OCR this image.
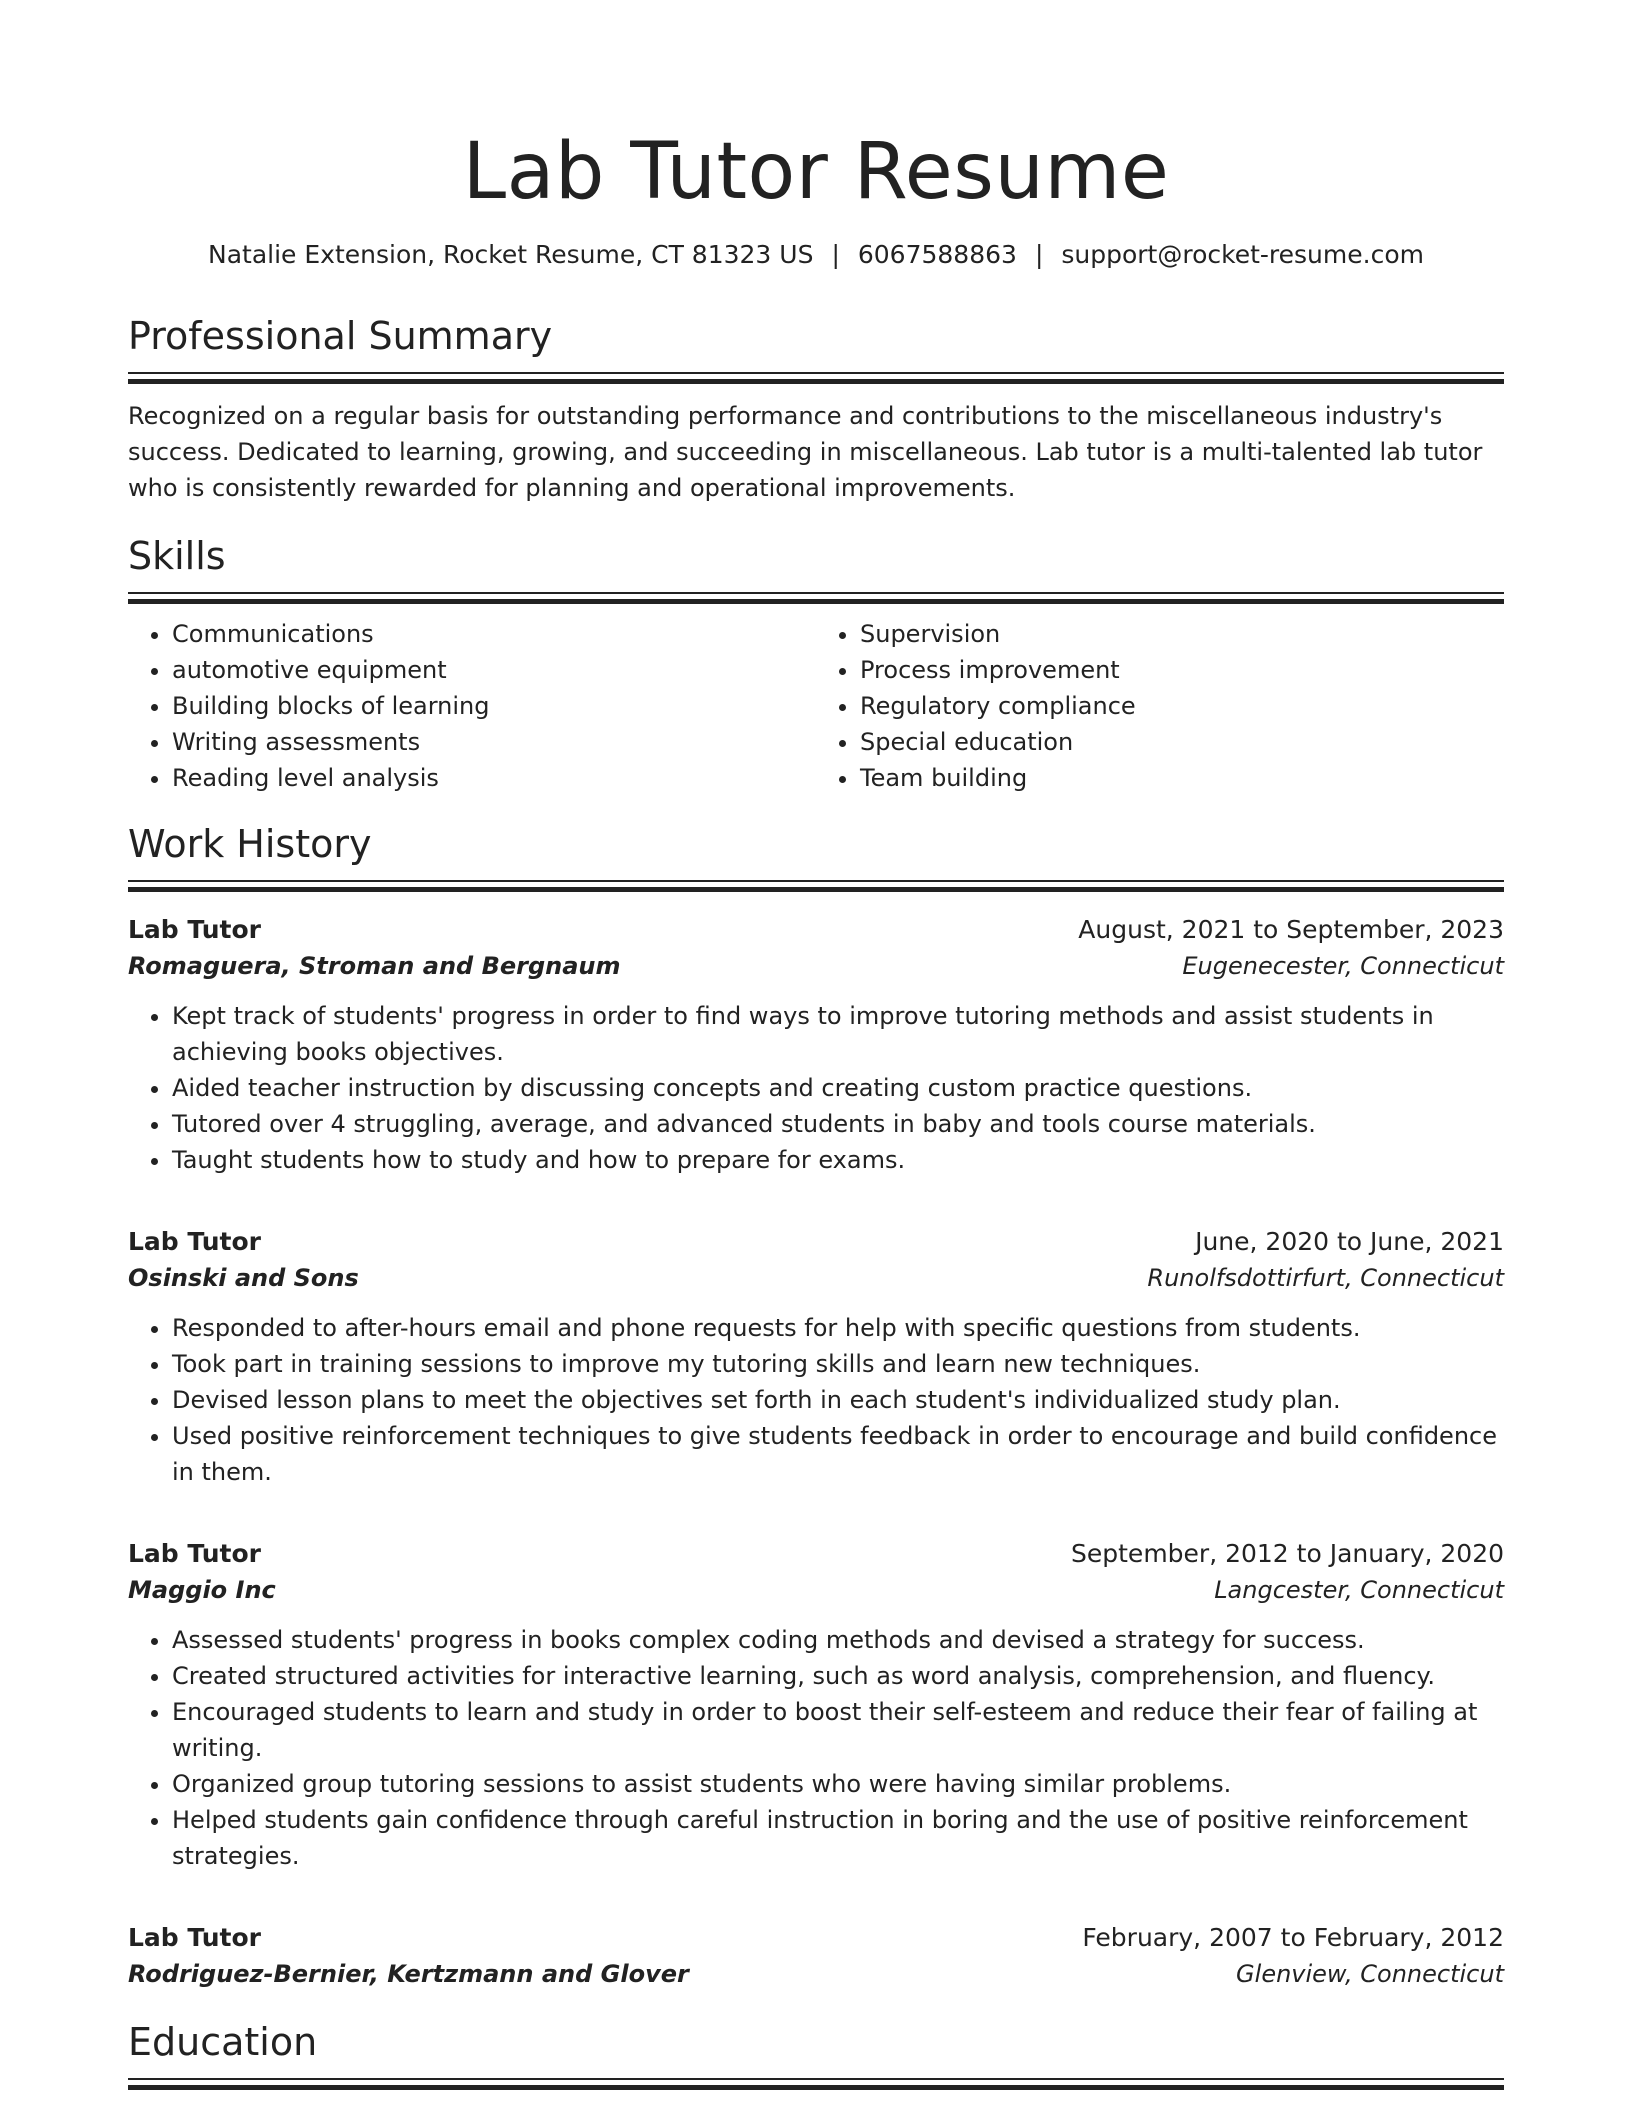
Lab Tutor Resume
Natalie Extension, Rocket Resume, CT 81323 US | 6067588863 | support@rocket-resume.com
Professional Summary

Recognized on a regular basis for outstanding performance and contributions to the miscellaneous industry's success. Dedicated to learning, growing, and succeeding in miscellaneous. Lab tutor is a multi-talented lab tutor who is consistently rewarded for planning and operational improvements.

Skills
• Communications
• automotive equipment
• Building blocks of learning
• Writing assessments
• Reading level analysis
• Supervision
• Process improvement
• Regulatory compliance
• Special education
• Team building
Work History
Lab Tutor	August, 2021 to September, 2023
Romaguera, Stroman and Bergnaum	Eugenecester, Connecticut
• Kept track of students' progress in order to find ways to improve tutoring methods and assist students in achieving books objectives.
• Aided teacher instruction by discussing concepts and creating custom practice questions.
• Tutored over 4 struggling, average, and advanced students in baby and tools course materials.
• Taught students how to study and how to prepare for exams.
Lab Tutor	June, 2020 to June, 2021
Osinski and Sons	Runolfsdottirfurt, Connecticut
• Responded to after-hours email and phone requests for help with specific questions from students.
• Took part in training sessions to improve my tutoring skills and learn new techniques.
• Devised lesson plans to meet the objectives set forth in each student's individualized study plan.
• Used positive reinforcement techniques to give students feedback in order to encourage and build confidence in them.
Lab Tutor	September, 2012 to January, 2020
Maggio Inc	Langcester, Connecticut
• Assessed students' progress in books complex coding methods and devised a strategy for success.
• Created structured activities for interactive learning, such as word analysis, comprehension, and fluency.
• Encouraged students to learn and study in order to boost their self-esteem and reduce their fear of failing at writing.
• Organized group tutoring sessions to assist students who were having similar problems.
• Helped students gain confidence through careful instruction in boring and the use of positive reinforcement strategies.
Lab Tutor	February, 2007 to February, 2012
Rodriguez-Bernier, Kertzmann and Glover	Glenview, Connecticut
Education
